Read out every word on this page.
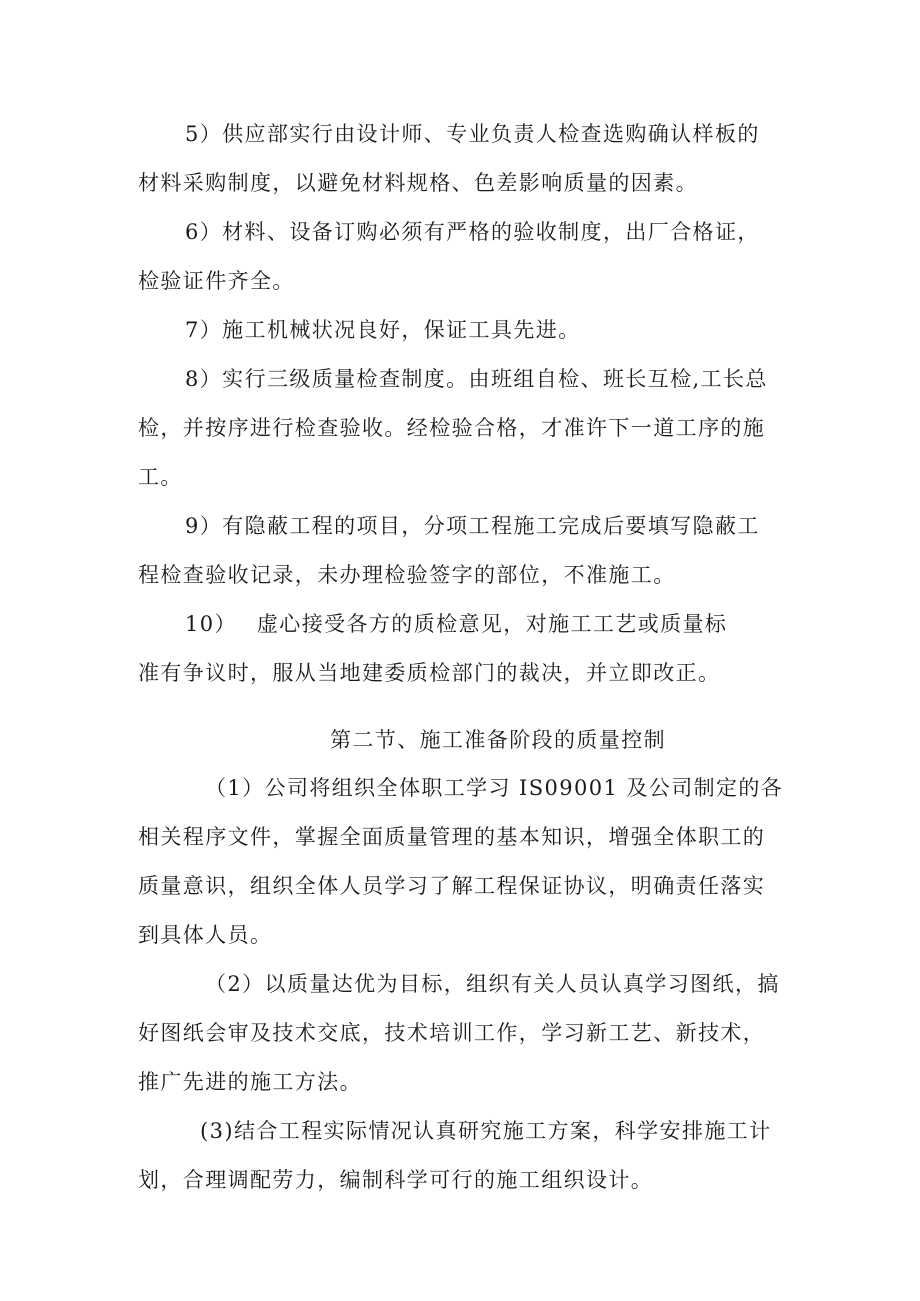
5）供应部实行由设计师、专业负责人检查选购确认样板的
材料采购制度，以避免材料规格、色差影响质量的因素。
6）材料、设备订购必须有严格的验收制度，出厂合格证，
检验证件齐全。
7）施工机械状况良好，保证工具先进。
8）实行三级质量检查制度。由班组自检、班长互检,工长总
检，并按序进行检查验收。经检验合格，才准许下一道工序的施
工。
9）有隐蔽工程的项目，分项工程施工完成后要填写隐蔽工
程检查验收记录，未办理检验签字的部位，不准施工。
10）　 虚心接受各方的质检意见，对施工工艺或质量标
准有争议时，服从当地建委质检部门的裁决，并立即改正。
第二节、施工准备阶段的质量控制
（1）公司将组织全体职工学习 IS09001 及公司制定的各
相关程序文件，掌握全面质量管理的基本知识，增强全体职工的
质量意识，组织全体人员学习了解工程保证协议，明确责任落实
到具体人员。
（2）以质量达优为目标，组织有关人员认真学习图纸，搞
好图纸会审及技术交底，技术培训工作，学习新工艺、新技术，
推广先进的施工方法。
(3)结合工程实际情况认真研究施工方案，科学安排施工计
划，合理调配劳力，编制科学可行的施工组织设计。
